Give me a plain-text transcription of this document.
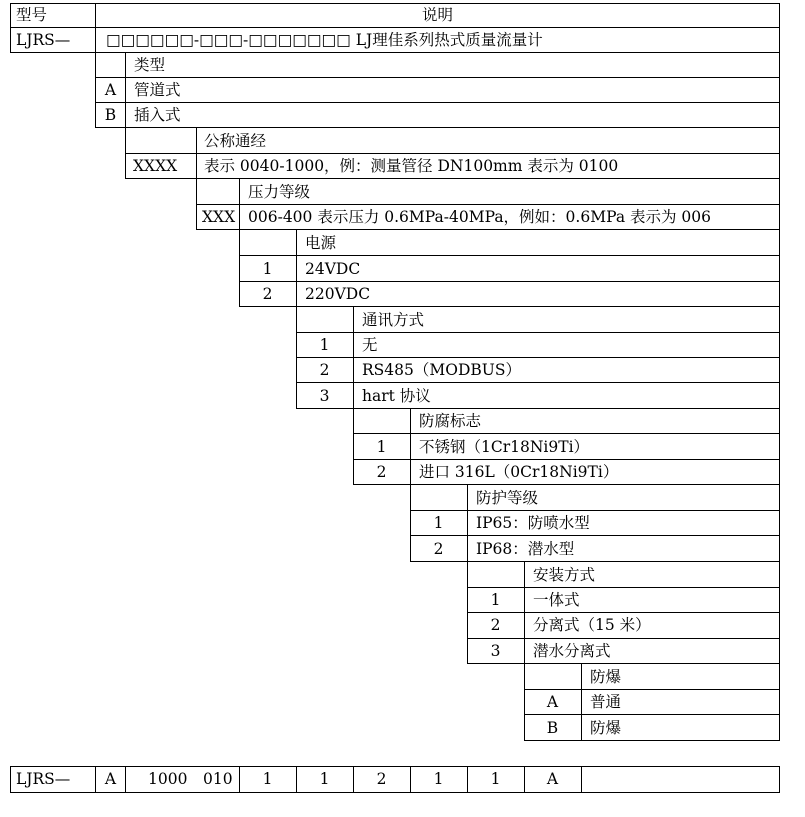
型号	说明
LJRS— □□□□□□-□□□-□□□□□□□ LJ理佳系列热式质量流量计
类型
A	管道式
B	插入式
公称通经
XXXX 表示 0040-1000，例：测量管径 DN100mm 表示为 0100
压力等级
XXX 006-400 表示压力 0.6MPa-40MPa，例如：0.6MPa 表示为 006
电源
1	24VDC
2	220VDC
通讯方式
1	无
2	RS485（MODBUS）
3	hart 协议
防腐标志
1	不锈钢（1Cr18Ni9Ti）
2	进口 316L（0Cr18Ni9Ti）
防护等级
1	IP65：防喷水型
2	IP68：潜水型
安装方式
1	一体式
2	分离式（15 米）
3	潜水分离式
防爆
A	普通
B	防爆
LJRS—	A	1000 010	1	1	2	1	1	A
